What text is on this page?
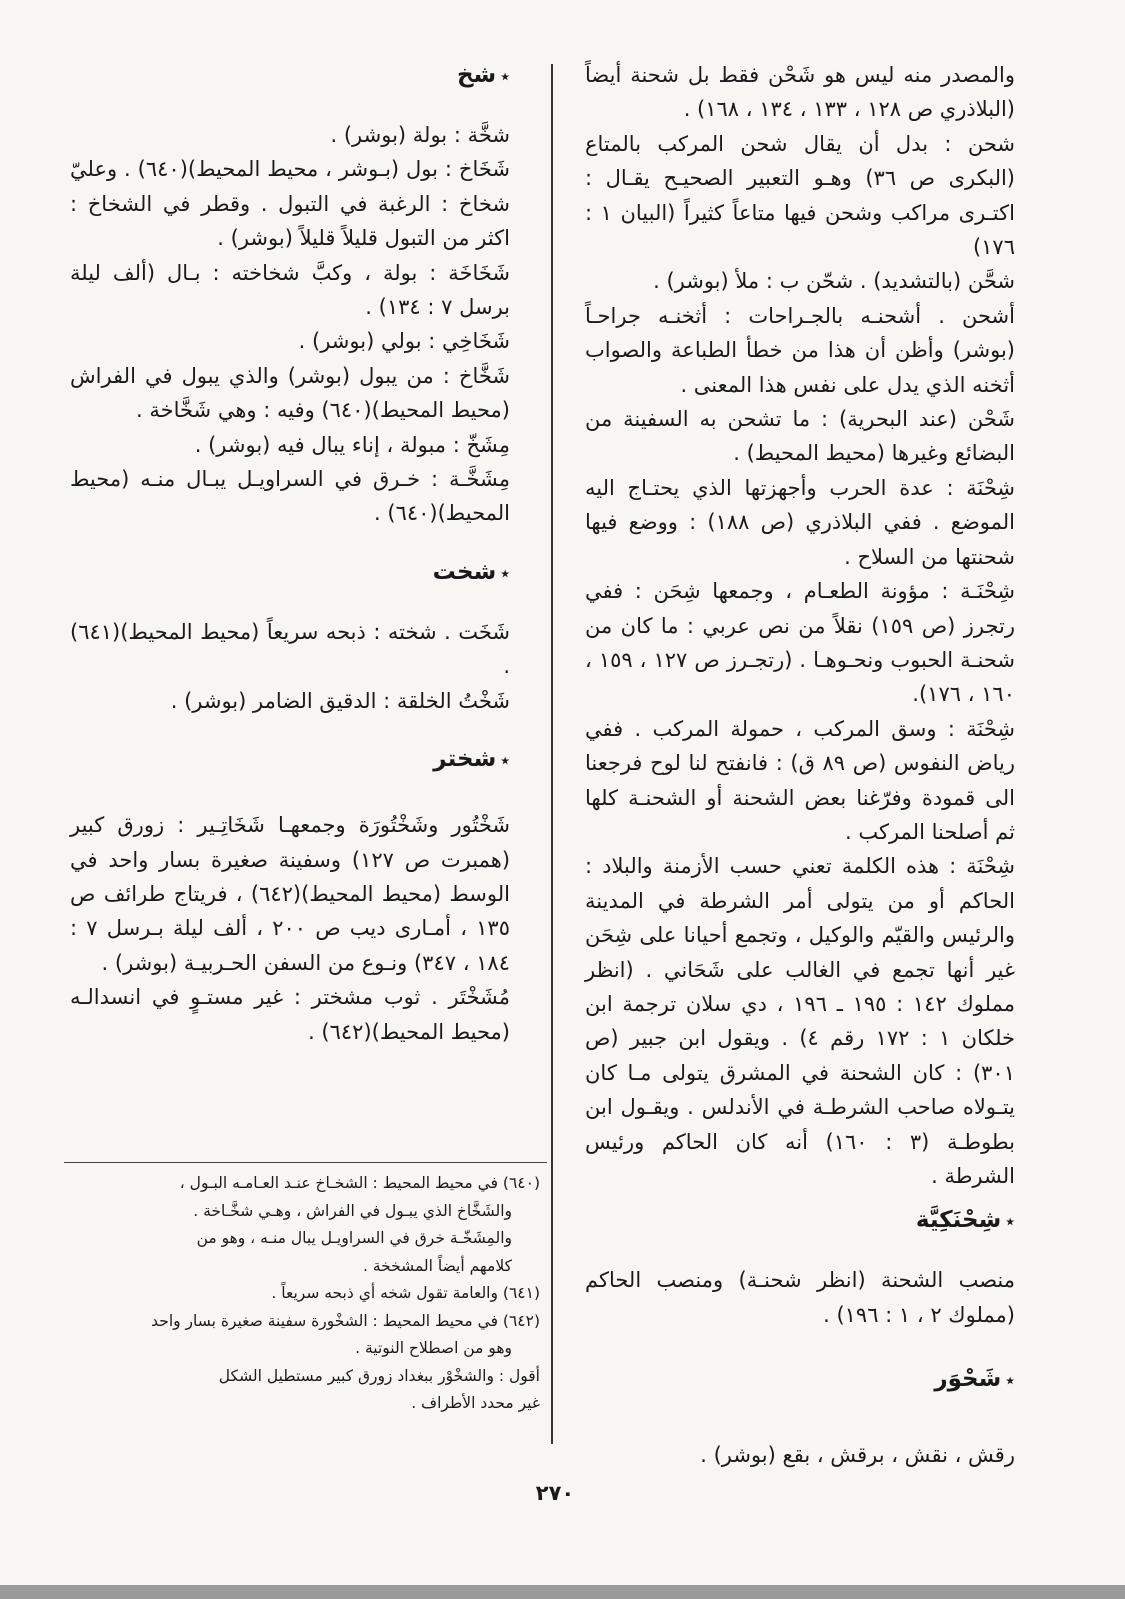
والمصدر منه ليس هو شَحْن فقط بل شحنة أيضاً (البلاذري ص ١٢٨ ، ١٣٣ ، ١٣٤ ، ١٦٨) .

شحن : بدل أن يقال شحن المركب بالمتاع (البكرى ص ٣٦) وهـو التعبير الصحيـح يقـال : اكتـرى مراكب وشحن فيها متاعاً كثيراً (البيان ١ : ١٧٦)

شحَّن (بالتشديد) . شحّن ب : ملأ (بوشر) .

أشحن . أشحنـه بالجـراحات : أثخنـه جراحـاً (بوشر) وأظن أن هذا من خطأ الطباعة والصواب أثخنه الذي يدل على نفس هذا المعنى .

شَحْن (عند البحرية) : ما تشحن به السفينة من البضائع وغيرها (محيط المحيط) .

شِحْنَة : عدة الحرب وأجهزتها الذي يحتـاج اليه الموضع . ففي البلاذري (ص ١٨٨) : ووضع فيها شحنتها من السلاح .

شِحْنَـة : مؤونة الطعـام ، وجمعها شِحَن : ففي رتجرز (ص ١٥٩) نقلاً من نص عربي : ما كان من شحنـة الحبوب ونحـوهـا . (رتجـرز ص ١٢٧ ، ١٥٩ ، ١٦٠ ، ١٧٦).

شِحْنَة : وسق المركب ، حمولة المركب . ففي رياض النفوس (ص ٨٩ ق) : فانفتح لنا لوح فرجعنا الى قمودة وفرّغنا بعض الشحنة أو الشحنـة كلها ثم أصلحنا المركب .

شِحْنَة : هذه الكلمة تعني حسب الأزمنة والبلاد : الحاكم أو من يتولى أمر الشرطة في المدينة والرئيس والقيّم والوكيل ، وتجمع أحيانا على شِحَن غير أنها تجمع في الغالب على شَحَاني . (انظر مملوك ١٤٢ : ١٩٥ ـ ١٩٦ ، دي سلان ترجمة ابن خلكان ١ : ١٧٢ رقم ٤) . ويقول ابن جبير (ص ٣٠١) : كان الشحنة في المشرق يتولى مـا كان يتـولاه صاحب الشرطـة في الأندلس . ويقـول ابن بطوطـة (٣ : ١٦٠) أنه كان الحاكم ورئيس الشرطة .

٭شِحْنَكِيَّة

منصب الشحنة (انظر شحنـة) ومنصب الحاكم (مملوك ٢ ، ١ : ١٩٦) .

٭شَحْوَر

رقش ، نقش ، برقش ، بقع (بوشر) .

٭شخ

شخَّة : بولة (بوشر) .

شَخَاخ : بول (بـوشر ، محيط المحيط)(٦٤٠) . وعليّ شخاخ : الرغبة في التبول . وقطر في الشخاخ : اكثر من التبول قليلاً قليلاً (بوشر) .

شَخَاخَة : بولة ، وكبَّ شخاخته : بـال (ألف ليلة برسل ٧ : ١٣٤) .

شَخَاخِي : بولي (بوشر) .

شَخَّاخ : من يبول (بوشر) والذي يبول في الفراش (محيط المحيط)(٦٤٠) وفيه : وهي شَخَّاخة .

مِشَخّ : مبولة ، إناء يبال فيه (بوشر) .

مِشَخَّـة : خـرق في السراويـل يبـال منـه (محيط المحيط)(٦٤٠) .

٭شخت

شَخَت . شخته : ذبحه سريعاً (محيط المحيط)(٦٤١) .

شَخْتُ الخلقة : الدقيق الضامر (بوشر) .

٭شختر

شَخْتُور وشَخْتُورَة وجمعهـا شَخَاتِـير : زورق كبير (همبرت ص ١٢٧) وسفينة صغيرة بسار واحد في الوسط (محيط المحيط)(٦٤٢) ، فريتاج طرائف ص ١٣٥ ، أمـارى ديب ص ٢٠٠ ، ألف ليلة بـرسل ٧ : ١٨٤ ، ٣٤٧) ونـوع من السفن الحـربيـة (بوشر) .

مُشَخْتَر . ثوب مشختر : غير مستـوٍ في انسدالـه (محيط المحيط)(٦٤٢) .

(٦٤٠) في محيط المحيط : الشخـاخ عنـد العـامـه البـول ،
والشَخَّاخ الذي يبـول في الفراش ، وهـي شخَّـاخة .
والمِشَخّـة خرق في السراويـل يبال منـه ، وهو من
كلامهم أيضاً المشخخة .
(٦٤١) والعامة تقول شخه أي ذبحه سريعاً .
(٦٤٢) في محيط المحيط : الشخْورة سفينة صغيرة بسار واحد
وهو من اصطلاح النوتية .
أقول : والشخْوْر ببغداد زورق كبير مستطيل الشكل
غير محدد الأطراف .
٢٧٠
